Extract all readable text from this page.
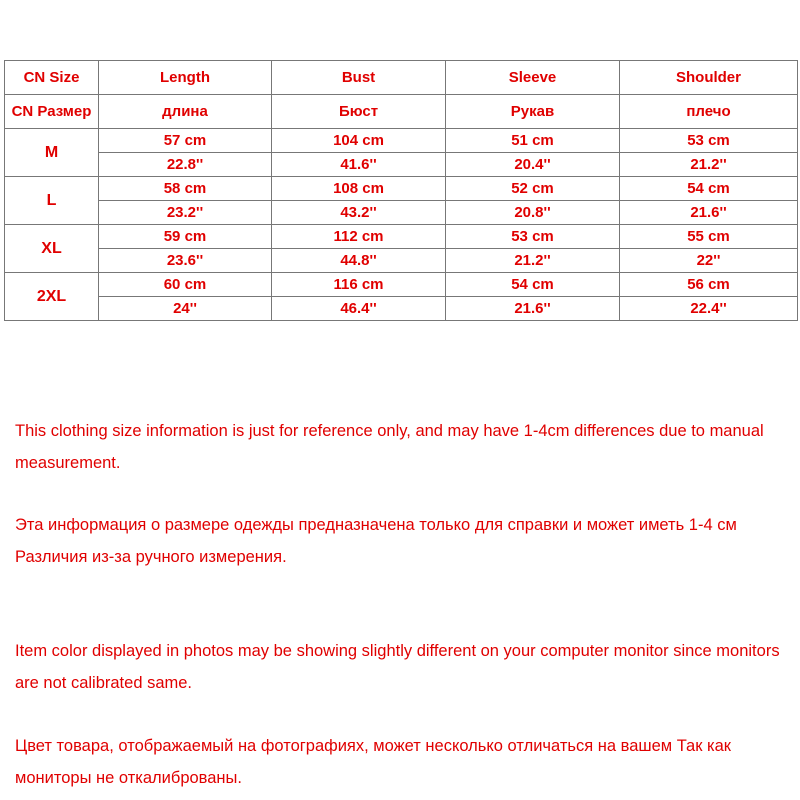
CN Size	Length	Bust	Sleeve	Shoulder
CN Размер	длина	Бюст	Рукав	плечо
M	57 cm	104 cm	51 cm	53 cm
	22.8''	41.6''	20.4''	21.2''
L	58 cm	108 cm	52 cm	54 cm
	23.2''	43.2''	20.8''	21.6''
XL	59 cm	112 cm	53 cm	55 cm
	23.6''	44.8''	21.2''	22''
2XL	60 cm	116 cm	54 cm	56 cm
	24''	46.4''	21.6''	22.4''

This clothing size information is just for reference only, and may have 1-4cm differences due to manual measurement.

Эта информация о размере одежды предназначена только для справки и может иметь 1-4 см Различия из-за ручного измерения.

Item color displayed in photos may be showing slightly different on your computer monitor since monitors are not calibrated same.

Цвет товара, отображаемый на фотографиях, может несколько отличаться на вашем Так как мониторы не откалиброваны.
